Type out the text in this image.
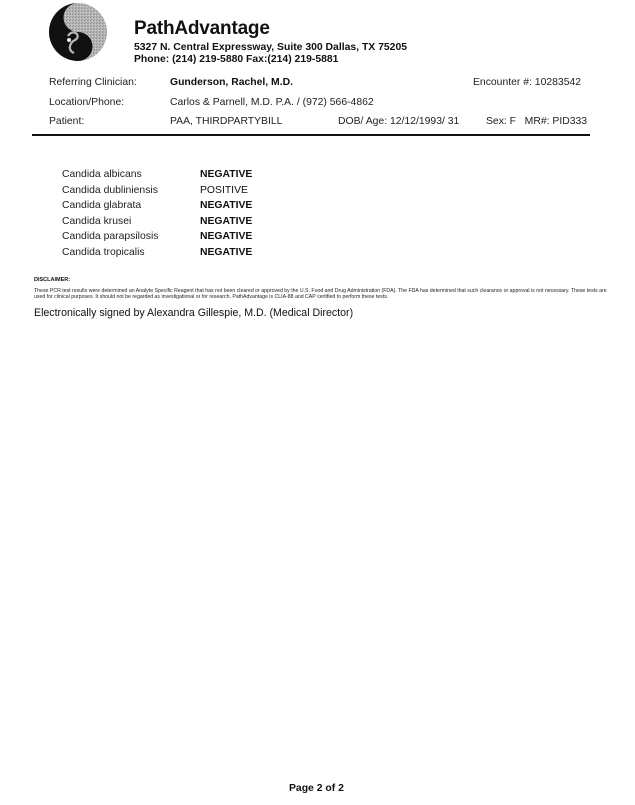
PathAdvantage
5327 N. Central Expressway, Suite 300 Dallas, TX 75205
Phone: (214) 219-5880 Fax:(214) 219-5881
Referring Clinician:	Gunderson, Rachel, M.D.	Encounter #: 10283542
Location/Phone:	Carlos & Parnell, M.D. P.A. / (972) 566-4862
Patient:	PAA, THIRDPARTYBILL	DOB/ Age: 12/12/1993/ 31	Sex: F   MR#: PID333
Candida albicans	NEGATIVE
Candida dubliniensis	POSITIVE
Candida glabrata	NEGATIVE
Candida krusei	NEGATIVE
Candida parapsilosis	NEGATIVE
Candida tropicalis	NEGATIVE
DISCLAIMER:
These PCR test results were determined an Analyte Specific Reagent that has not been cleared or approved by the U.S. Food and Drug Administration (FDA). The FDA has determined that such clearance or approval is not necessary. These tests are used for clinical purposes. It should not be regarded as investigational or for research. PathAdvantage is CLIA-88 and CAP certified to perform these tests.
Electronically signed by Alexandra Gillespie, M.D. (Medical Director)
Page 2 of 2
